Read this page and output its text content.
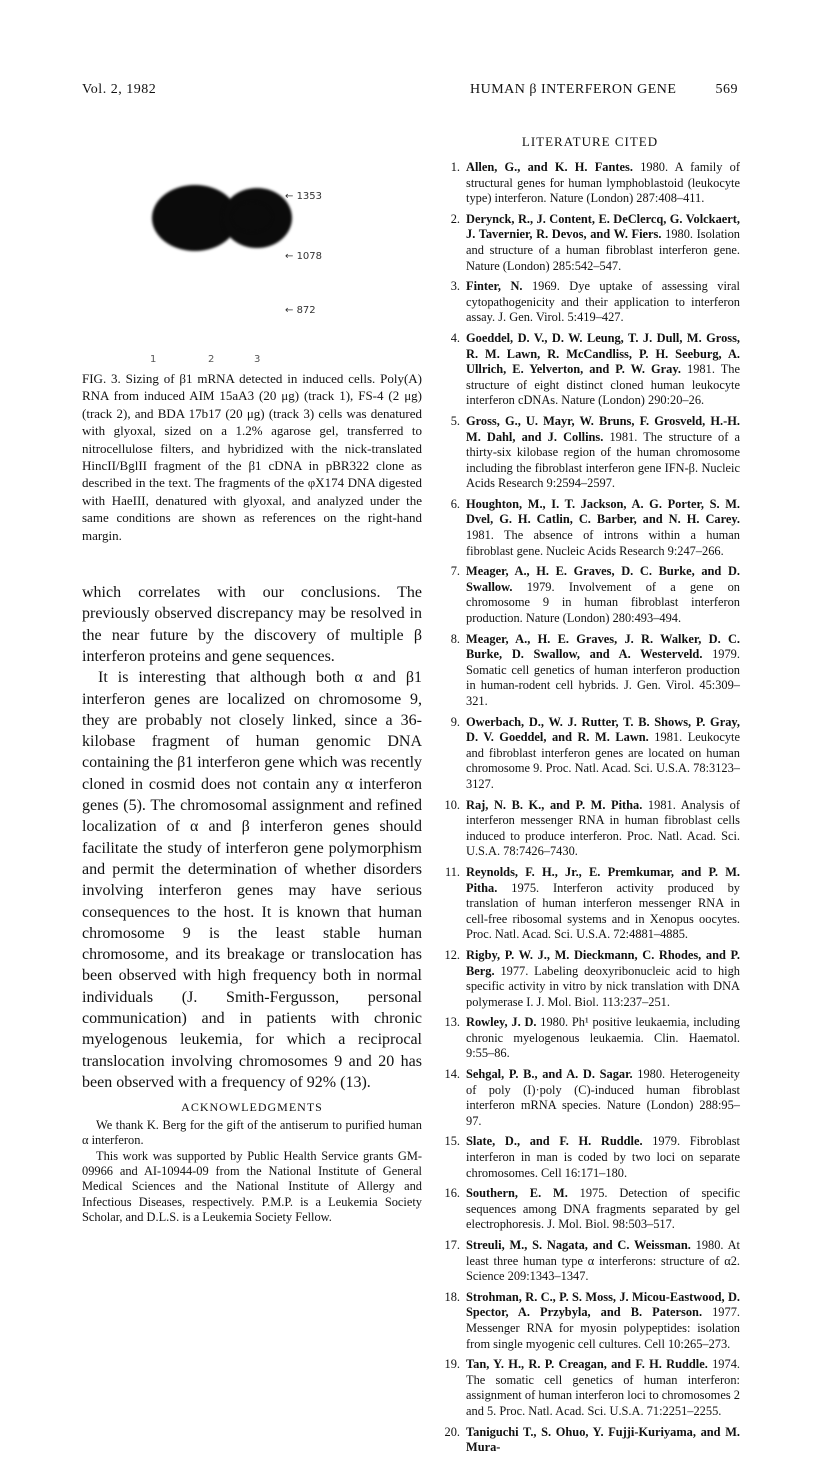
Vol. 2, 1982	HUMAN β INTERFERON GENE	569
← 1353
← 1078
← 872
1	2	3

FIG. 3. Sizing of β1 mRNA detected in induced cells. Poly(A) RNA from induced AIM 15aA3 (20 μg) (track 1), FS-4 (2 μg) (track 2), and BDA 17b17 (20 μg) (track 3) cells was denatured with glyoxal, sized on a 1.2% agarose gel, transferred to nitrocellulose filters, and hybridized with the nick-translated HincII/BglII fragment of the β1 cDNA in pBR322 clone as described in the text. The fragments of the φX174 DNA digested with HaeIII, denatured with glyoxal, and analyzed under the same conditions are shown as references on the right-hand margin.

which correlates with our conclusions. The previously observed discrepancy may be resolved in the near future by the discovery of multiple β interferon proteins and gene sequences.

It is interesting that although both α and β1 interferon genes are localized on chromosome 9, they are probably not closely linked, since a 36-kilobase fragment of human genomic DNA containing the β1 interferon gene which was recently cloned in cosmid does not contain any α interferon genes (5). The chromosomal assignment and refined localization of α and β interferon genes should facilitate the study of interferon gene polymorphism and permit the determination of whether disorders involving interferon genes may have serious consequences to the host. It is known that human chromosome 9 is the least stable human chromosome, and its breakage or translocation has been observed with high frequency both in normal individuals (J. Smith-Fergusson, personal communication) and in patients with chronic myelogenous leukemia, for which a reciprocal translocation involving chromosomes 9 and 20 has been observed with a frequency of 92% (13).

ACKNOWLEDGMENTS

We thank K. Berg for the gift of the antiserum to purified human α interferon.

This work was supported by Public Health Service grants GM-09966 and AI-10944-09 from the National Institute of General Medical Sciences and the National Institute of Allergy and Infectious Diseases, respectively. P.M.P. is a Leukemia Society Scholar, and D.L.S. is a Leukemia Society Fellow.

LITERATURE CITED
1. Allen, G., and K. H. Fantes. 1980. A family of structural genes for human lymphoblastoid (leukocyte type) interferon. Nature (London) 287:408–411.
2. Derynck, R., J. Content, E. DeClercq, G. Volckaert, J. Tavernier, R. Devos, and W. Fiers. 1980. Isolation and structure of a human fibroblast interferon gene. Nature (London) 285:542–547.
3. Finter, N. 1969. Dye uptake of assessing viral cytopathogenicity and their application to interferon assay. J. Gen. Virol. 5:419–427.
4. Goeddel, D. V., D. W. Leung, T. J. Dull, M. Gross, R. M. Lawn, R. McCandliss, P. H. Seeburg, A. Ullrich, E. Yelverton, and P. W. Gray. 1981. The structure of eight distinct cloned human leukocyte interferon cDNAs. Nature (London) 290:20–26.
5. Gross, G., U. Mayr, W. Bruns, F. Grosveld, H.-H. M. Dahl, and J. Collins. 1981. The structure of a thirty-six kilobase region of the human chromosome including the fibroblast interferon gene IFN-β. Nucleic Acids Research 9:2594–2597.
6. Houghton, M., I. T. Jackson, A. G. Porter, S. M. Dvel, G. H. Catlin, C. Barber, and N. H. Carey. 1981. The absence of introns within a human fibroblast gene. Nucleic Acids Research 9:247–266.
7. Meager, A., H. E. Graves, D. C. Burke, and D. Swallow. 1979. Involvement of a gene on chromosome 9 in human fibroblast interferon production. Nature (London) 280:493–494.
8. Meager, A., H. E. Graves, J. R. Walker, D. C. Burke, D. Swallow, and A. Westerveld. 1979. Somatic cell genetics of human interferon production in human-rodent cell hybrids. J. Gen. Virol. 45:309–321.
9. Owerbach, D., W. J. Rutter, T. B. Shows, P. Gray, D. V. Goeddel, and R. M. Lawn. 1981. Leukocyte and fibroblast interferon genes are located on human chromosome 9. Proc. Natl. Acad. Sci. U.S.A. 78:3123–3127.
10. Raj, N. B. K., and P. M. Pitha. 1981. Analysis of interferon messenger RNA in human fibroblast cells induced to produce interferon. Proc. Natl. Acad. Sci. U.S.A. 78:7426–7430.
11. Reynolds, F. H., Jr., E. Premkumar, and P. M. Pitha. 1975. Interferon activity produced by translation of human interferon messenger RNA in cell-free ribosomal systems and in Xenopus oocytes. Proc. Natl. Acad. Sci. U.S.A. 72:4881–4885.
12. Rigby, P. W. J., M. Dieckmann, C. Rhodes, and P. Berg. 1977. Labeling deoxyribonucleic acid to high specific activity in vitro by nick translation with DNA polymerase I. J. Mol. Biol. 113:237–251.
13. Rowley, J. D. 1980. Ph¹ positive leukaemia, including chronic myelogenous leukaemia. Clin. Haematol. 9:55–86.
14. Sehgal, P. B., and A. D. Sagar. 1980. Heterogeneity of poly (I)·poly (C)-induced human fibroblast interferon mRNA species. Nature (London) 288:95–97.
15. Slate, D., and F. H. Ruddle. 1979. Fibroblast interferon in man is coded by two loci on separate chromosomes. Cell 16:171–180.
16. Southern, E. M. 1975. Detection of specific sequences among DNA fragments separated by gel electrophoresis. J. Mol. Biol. 98:503–517.
17. Streuli, M., S. Nagata, and C. Weissman. 1980. At least three human type α interferons: structure of α2. Science 209:1343–1347.
18. Strohman, R. C., P. S. Moss, J. Micou-Eastwood, D. Spector, A. Przybyla, and B. Paterson. 1977. Messenger RNA for myosin polypeptides: isolation from single myogenic cell cultures. Cell 10:265–273.
19. Tan, Y. H., R. P. Creagan, and F. H. Ruddle. 1974. The somatic cell genetics of human interferon: assignment of human interferon loci to chromosomes 2 and 5. Proc. Natl. Acad. Sci. U.S.A. 71:2251–2255.
20. Taniguchi T., S. Ohuo, Y. Fujji-Kuriyama, and M. Mura-
